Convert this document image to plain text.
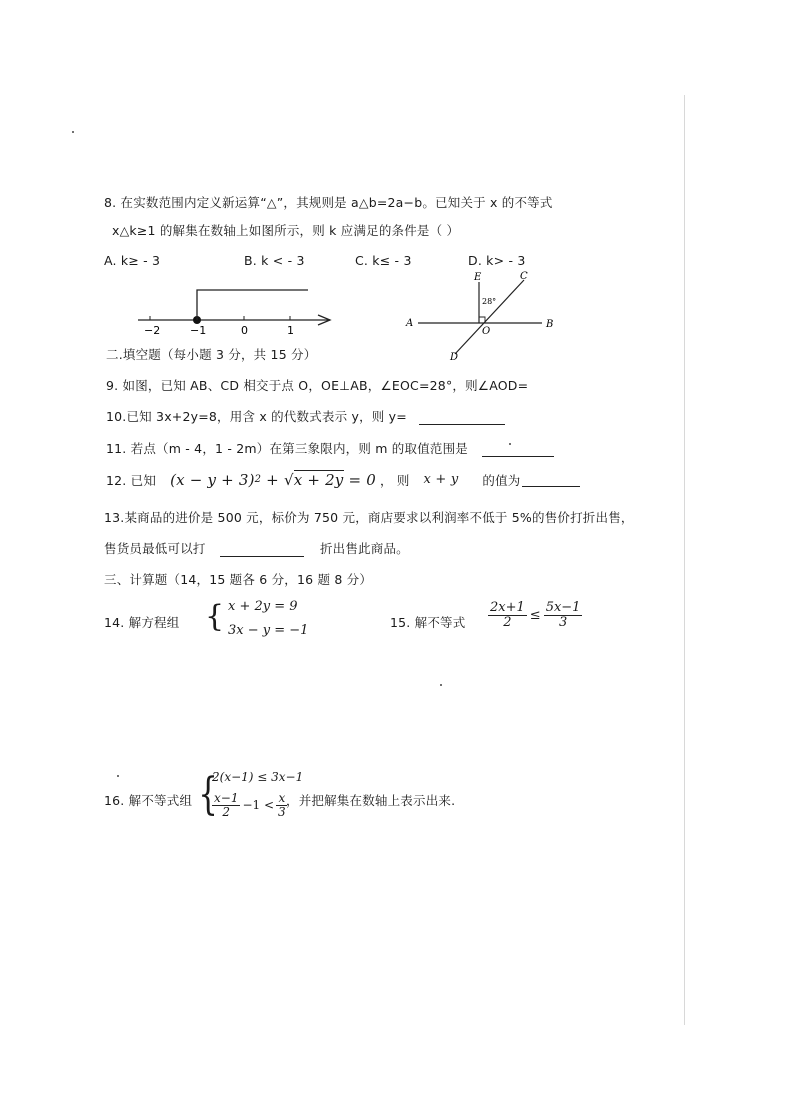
8. 在实数范围内定义新运算“△”，其规则是 a△b=2a−b。已知关于 x 的不等式
x△k≥1 的解集在数轴上如图所示，则 k 应满足的条件是（ ）
A. k≥ - 3	B. k < - 3	C. k≤ - 3	D. k> - 3
−2	−1	0	1
E	C
A
O
B
D
28°
二.填空题（每小题 3 分，共 15 分）
9. 如图，已知 AB、CD 相交于点 O，OE⊥AB，∠EOC=28°，则∠AOD=
10.已知 3x+2y=8，用含 x 的代数式表示 y，则 y=
11. 若点（m - 4，1 - 2m）在第三象限内，则 m 的取值范围是
12. 已知 (x − y + 3) 2 + √ x + 2y = 0 ， 则 x + y 的值为
13.某商品的进价是 500 元，标价为 750 元，商店要求以利润率不低于 5%的售价打折出售，
售货员最低可以打	折出售此商品。
三、计算题（14，15 题各 6 分，16 题 8 分）
14. 解方程组 { x + 2y = 9
3x − y = −1
15. 解不等式 $\frac{2x+1}{2} \le \frac{5x-1}{3}$
16. 解不等式组 {
2(x−1) ≤ 3x−1
$\frac{x-1}{2} -1 < \frac{x}{3}$
，并把解集在数轴上表示出来.
